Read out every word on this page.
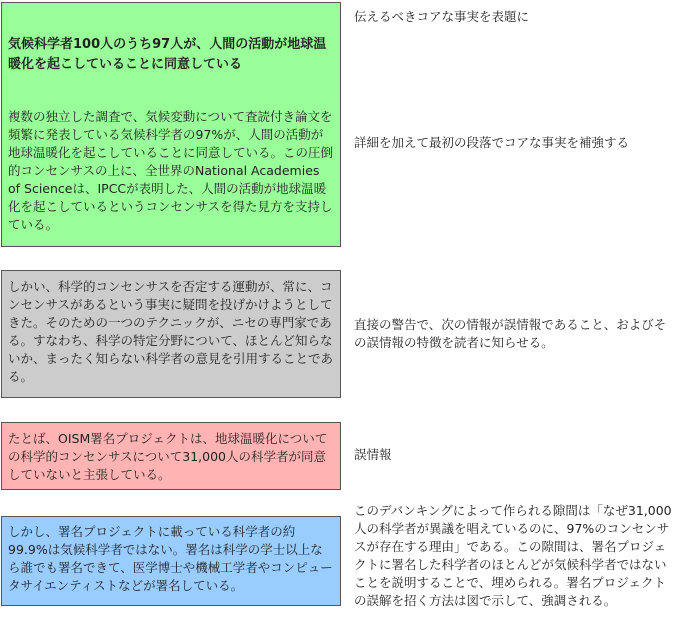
気候科学者100人のうち97人が、人間の活動が地球温暖化を起こしていることに同意している

複数の独立した調査で、気候変動について査読付き論文を頻繁に発表している気候科学者の97%が、人間の活動が地球温暖化を起こしていることに同意している。この圧倒的コンセンサスの上に、全世界のNational Academies of Scienceは、IPCCが表明した、人間の活動が地球温暖化を起こしているというコンセンサスを得た見方を支持している。

しかい、科学的コンセンサスを否定する運動が、常に、コンセンサスがあるという事実に疑問を投げかけようとしてきた。そのための一つのテクニックが、ニセの専門家である。すなわち、科学の特定分野について、ほとんど知らないか、まったく知らない科学者の意見を引用することである。
たとば、OISM署名プロジェクトは、地球温暖化についての科学的コンセンサスについて31,000人の科学者が同意していないと主張している。
しかし、署名プロジェクトに載っている科学者の約99.9%は気候科学者ではない。署名は科学の学士以上なら誰でも署名できて、医学博士や機械工学者やコンピュータサイエンティストなどが署名している。
伝えるべきコアな事実を表題に
詳細を加えて最初の段落でコアな事実を補強する
直接の警告で、次の情報が誤情報であること、およびその誤情報の特徴を読者に知らせる。
誤情報
このデバンキングによって作られる隙間は「なぜ31,000人の科学者が異議を唱えているのに、97%のコンセンサスが存在する理由」である。この隙間は、署名プロジェクトに署名した科学者のほとんどが気候科学者ではないことを説明することで、埋められる。署名プロジェクトの誤解を招く方法は図で示して、強調される。
